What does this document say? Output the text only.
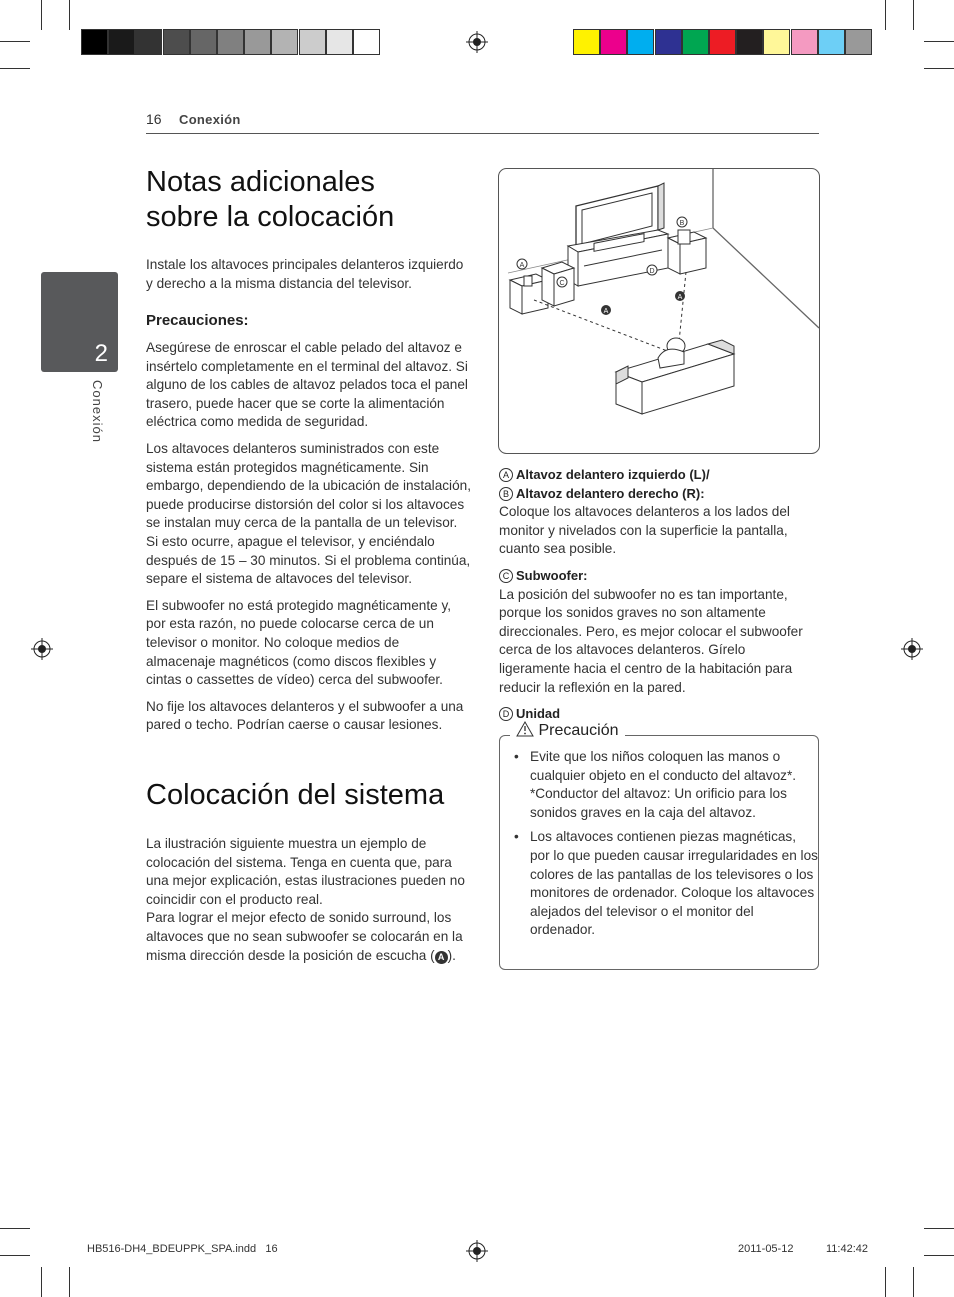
16 Conexión
2
Conexión
Notas adicionales
sobre la colocación
Instale los altavoces principales delanteros izquierdo y derecho a la misma distancia del televisor.
Precauciones:

Asegúrese de enroscar el cable pelado del altavoz e insértelo completamente en el terminal del altavoz. Si alguno de los cables de altavoz pelados toca el panel trasero, puede hacer que se corte la alimentación eléctrica como medida de seguridad.

Los altavoces delanteros suministrados con este sistema están protegidos magnéticamente. Sin embargo, dependiendo de la ubicación de instalación, puede producirse distorsión del color si los altavoces se instalan muy cerca de la pantalla de un televisor. Si esto ocurre, apague el televisor, y enciéndalo después de 15 – 30 minutos. Si el problema continúa, separe el sistema de altavoces del televisor.

El subwoofer no está protegido magnéticamente y, por esta razón, no puede colocarse cerca de un televisor o monitor. No coloque medios de almacenaje magnéticos (como discos flexibles y cintas o cassettes de vídeo) cerca del subwoofer.

No fije los altavoces delanteros y el subwoofer a una pared o techo. Podrían caerse o causar lesiones.

Colocación del sistema
La ilustración siguiente muestra un ejemplo de colocación del sistema. Tenga en cuenta que, para una mejor explicación, estas ilustraciones pueden no coincidir con el producto real.
Para lograr el mejor efecto de sonido surround, los altavoces que no sean subwoofer se colocarán en la misma dirección desde la posición de escucha ( A ).
A
B
C
D
A
A
A Altavoz delantero izquierdo (L)/
B Altavoz delantero derecho (R):
Coloque los altavoces delanteros a los lados del monitor y nivelados con la superficie la pantalla, cuanto sea posible.
C Subwoofer:
La posición del subwoofer no es tan importante, porque los sonidos graves no son altamente direccionales. Pero, es mejor colocar el subwoofer cerca de los altavoces delanteros. Gírelo ligeramente hacia el centro de la habitación para reducir la reflexión en la pared.
D Unidad
• Evite que los niños coloquen las manos o cualquier objeto en el conducto del altavoz*.
*Conductor del altavoz: Un orificio para los sonidos graves en la caja del altavoz.
• Los altavoces contienen piezas magnéticas, por lo que pueden causar irregularidades en los colores de las pantallas de los televisores o los monitores de ordenador. Coloque los altavoces alejados del televisor o el monitor del ordenador.
Precaución
HB516-DH4_BDEUPPK_SPA.indd   16	2011-05-12	11:42:42
